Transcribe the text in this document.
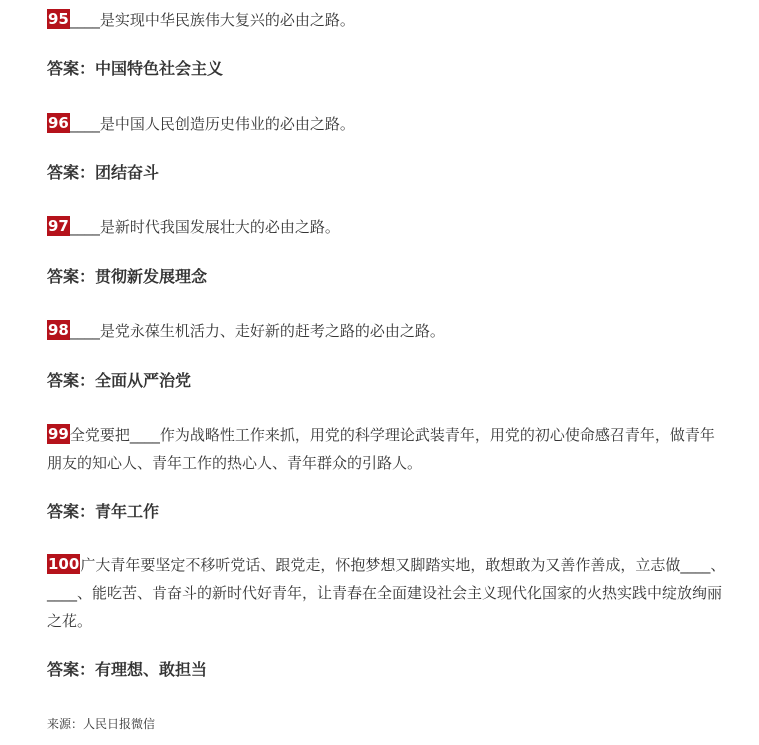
95____是实现中华民族伟大复兴的必由之路。
答案：中国特色社会主义
96____是中国人民创造历史伟业的必由之路。
答案：团结奋斗
97____是新时代我国发展壮大的必由之路。
答案：贯彻新发展理念
98____是党永葆生机活力、走好新的赶考之路的必由之路。
答案：全面从严治党
99全党要把____作为战略性工作来抓，用党的科学理论武装青年，用党的初心使命感召青年，做青年朋友的知心人、青年工作的热心人、青年群众的引路人。
答案：青年工作
100广大青年要坚定不移听党话、跟党走，怀抱梦想又脚踏实地，敢想敢为又善作善成，立志做____、____、能吃苦、肯奋斗的新时代好青年，让青春在全面建设社会主义现代化国家的火热实践中绽放绚丽之花。
答案：有理想、敢担当
来源：人民日报微信
